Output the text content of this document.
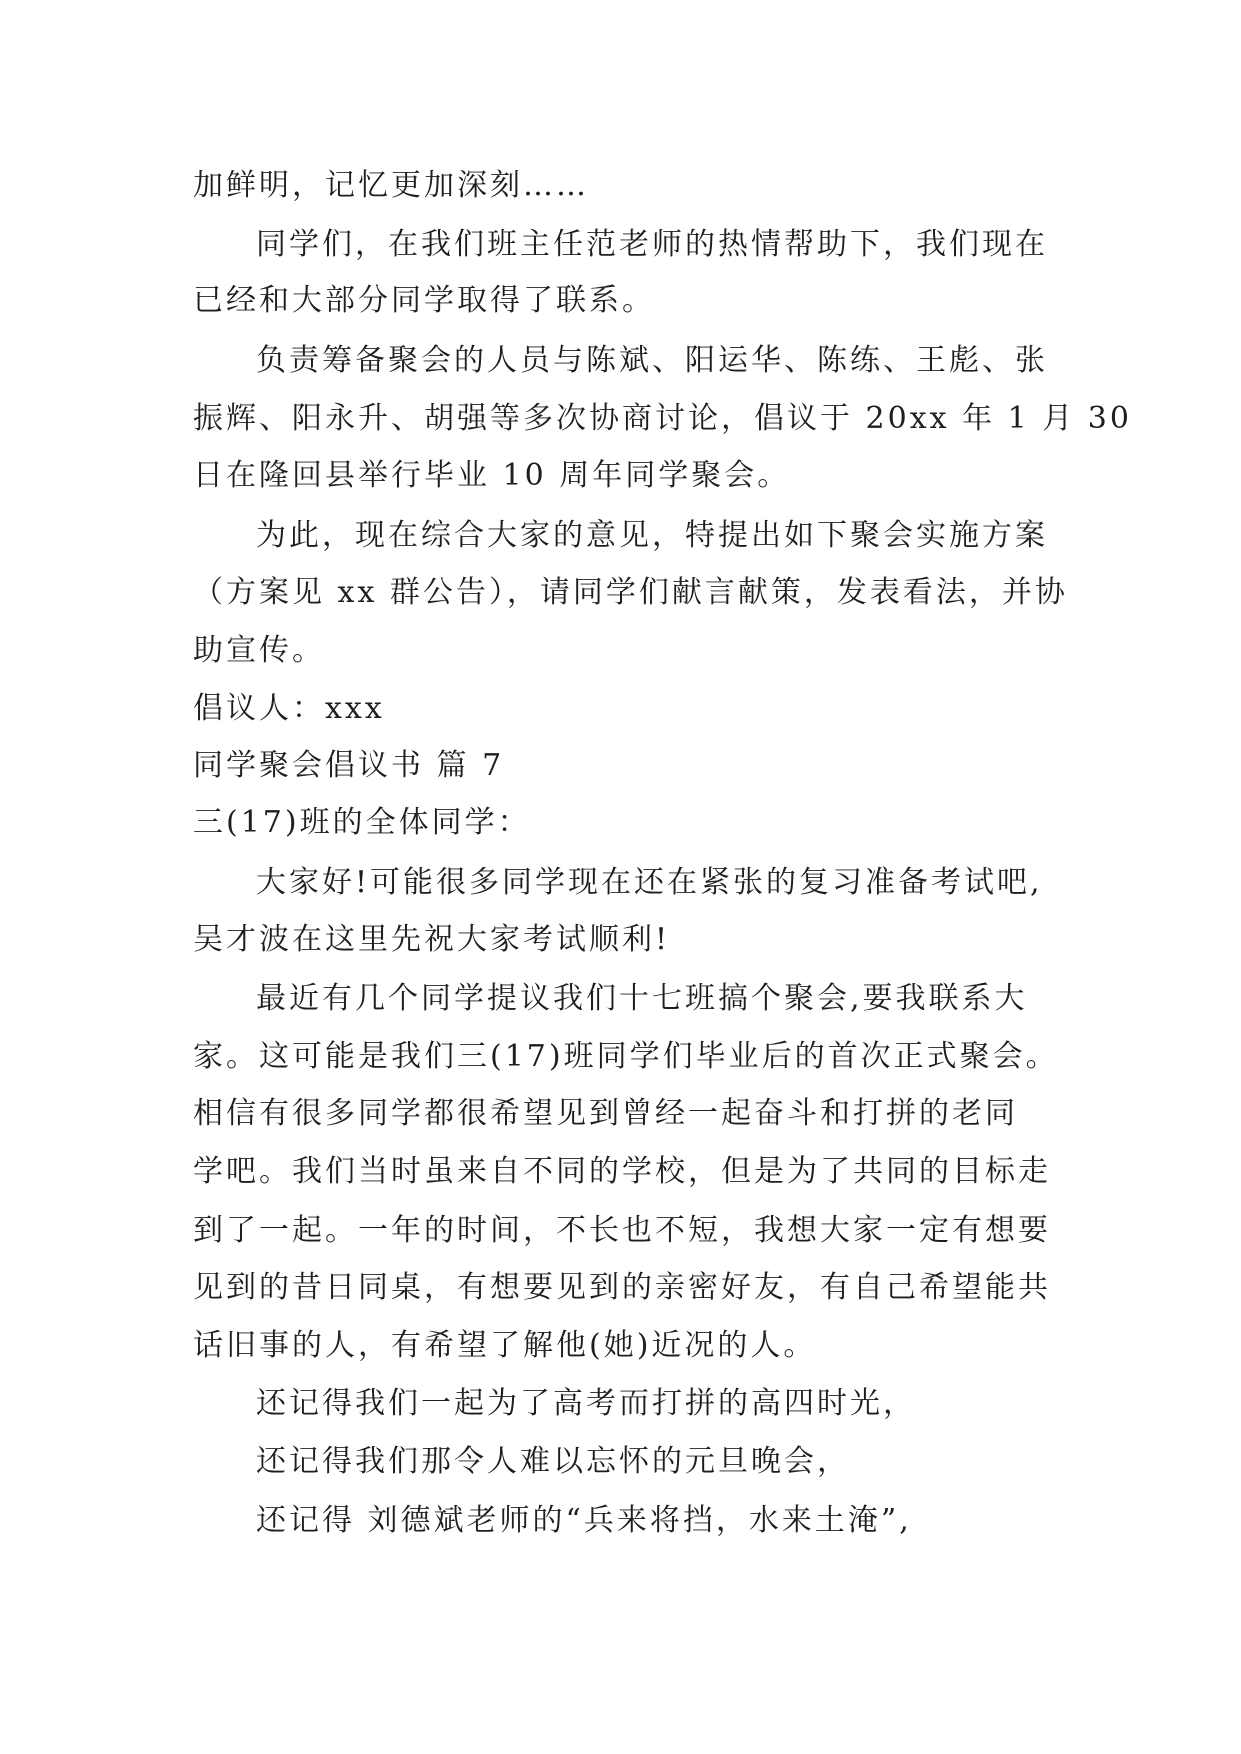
加鲜明，记忆更加深刻……
同学们，在我们班主任范老师的热情帮助下，我们现在
已经和大部分同学取得了联系。
负责筹备聚会的人员与陈斌、阳运华、陈练、王彪、张
振辉、阳永升、胡强等多次协商讨论，倡议于 20xx 年 1 月 30
日在隆回县举行毕业 10 周年同学聚会。
为此，现在综合大家的意见，特提出如下聚会实施方案
（方案见 xx 群公告），请同学们献言献策，发表看法，并协
助宣传。
倡议人：xxx
同学聚会倡议书 篇 7
三(17)班的全体同学：
大家好!可能很多同学现在还在紧张的复习准备考试吧,
吴才波在这里先祝大家考试顺利!
最近有几个同学提议我们十七班搞个聚会,要我联系大
家。这可能是我们三(17)班同学们毕业后的首次正式聚会。
相信有很多同学都很希望见到曾经一起奋斗和打拼的老同
学吧。我们当时虽来自不同的学校，但是为了共同的目标走
到了一起。一年的时间，不长也不短，我想大家一定有想要
见到的昔日同桌，有想要见到的亲密好友，有自己希望能共
话旧事的人，有希望了解他(她)近况的人。
还记得我们一起为了高考而打拼的高四时光，
还记得我们那令人难以忘怀的元旦晚会，
还记得 刘德斌老师的“兵来将挡，水来土淹”,
